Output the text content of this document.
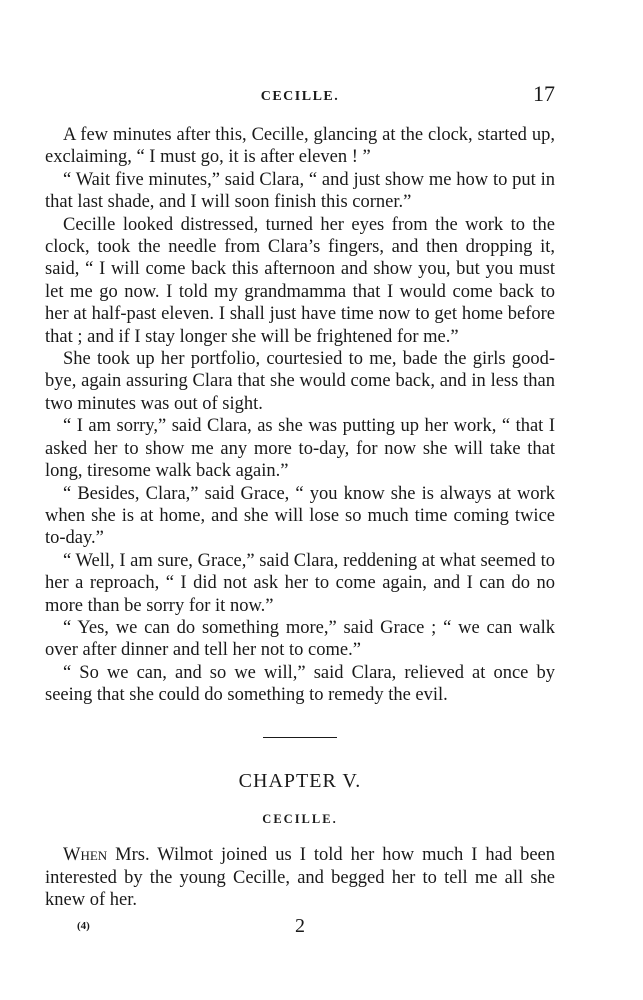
CECILLE.	17

A few minutes after this, Cecille, glancing at the clock, started up, exclaiming, “ I must go, it is after eleven ! ”

“ Wait five minutes,” said Clara, “ and just show me how to put in that last shade, and I will soon finish this corner.”

Cecille looked distressed, turned her eyes from the work to the clock, took the needle from Clara’s fingers, and then dropping it, said, “ I will come back this afternoon and show you, but you must let me go now. I told my grandmamma that I would come back to her at half-past eleven. I shall just have time now to get home before that ; and if I stay longer she will be frightened for me.”

She took up her portfolio, courtesied to me, bade the girls good-bye, again assuring Clara that she would come back, and in less than two minutes was out of sight.

“ I am sorry,” said Clara, as she was putting up her work, “ that I asked her to show me any more to-day, for now she will take that long, tiresome walk back again.”

“ Besides, Clara,” said Grace, “ you know she is always at work when she is at home, and she will lose so much time coming twice to-day.”

“ Well, I am sure, Grace,” said Clara, reddening at what seemed to her a reproach, “ I did not ask her to come again, and I can do no more than be sorry for it now.”

“ Yes, we can do something more,” said Grace ; “ we can walk over after dinner and tell her not to come.”

“ So we can, and so we will,” said Clara, relieved at once by seeing that she could do something to remedy the evil.

CHAPTER V.
CECILLE.

When Mrs. Wilmot joined us I told her how much I had been interested by the young Cecille, and begged her to tell me all she knew of her.

(4)	2
